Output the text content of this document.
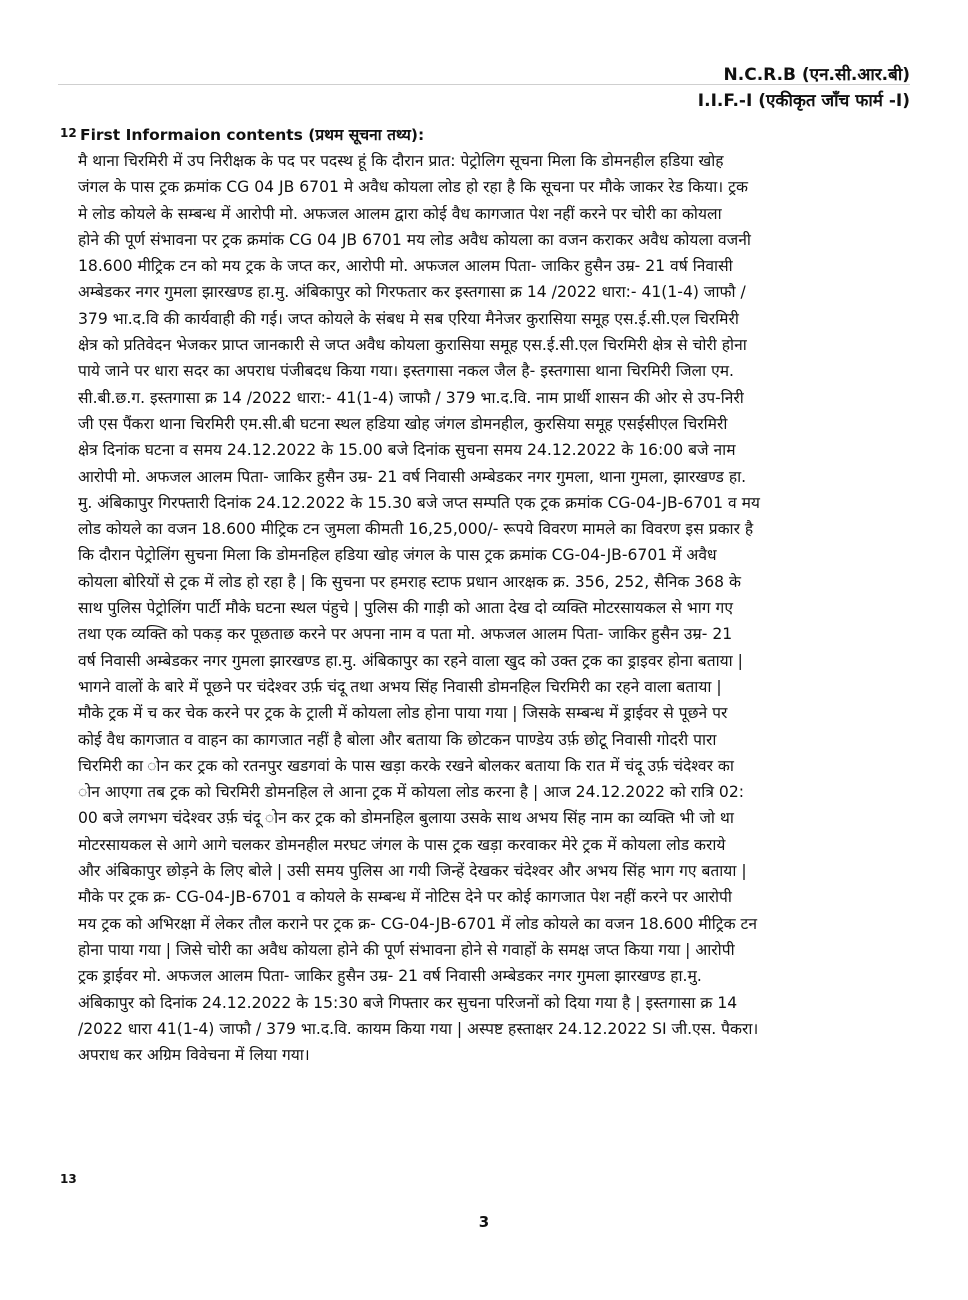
N.C.R.B (एन.सी.आर.बी)
I.I.F.-I (एकीकृत जाँच फार्म -I)
12 First Informaion contents (प्रथम सूचना तथ्य):
मै थाना चिरमिरी में उप निरीक्षक के पद पर पदस्थ हूं कि दौरान प्रात: पेट्रोलिग सूचना मिला कि डोमनहील हडिया खोह
जंगल के पास ट्रक क्रमांक CG 04 JB 6701 मे अवैध कोयला लोड हो रहा है कि सूचना पर मौके जाकर रेड किया। ट्रक
मे लोड कोयले के सम्बन्ध में आरोपी मो. अफजल आलम द्वारा कोई वैध कागजात पेश नहीं करने पर चोरी का कोयला
होने की पूर्ण संभावना पर ट्रक क्रमांक CG 04 JB 6701 मय लोड अवैध कोयला का वजन कराकर अवैध कोयला वजनी
18.600 मीट्रिक टन को मय ट्रक के जप्त कर, आरोपी मो. अफजल आलम पिता- जाकिर हुसैन उम्र- 21 वर्ष निवासी
अम्बेडकर नगर गुमला झारखण्ड हा.मु. अंबिकापुर को गिरफतार कर इस्तगासा क्र 14 /2022 धारा:- 41(1-4) जाफौ /
379 भा.द.वि की कार्यवाही की गई। जप्त कोयले के संबध मे सब एरिया मैनेजर कुरासिया समूह एस.ई.सी.एल चिरमिरी
क्षेत्र को प्रतिवेदन भेजकर प्राप्त जानकारी से जप्त अवैध कोयला कुरासिया समूह एस.ई.सी.एल चिरमिरी क्षेत्र से चोरी होना
पाये जाने पर धारा सदर का अपराध पंजीबदध किया गया। इस्तगासा नकल जैल है- इस्तगासा थाना चिरमिरी जिला एम.
सी.बी.छ.ग. इस्तगासा क्र 14 /2022 धारा:- 41(1-4) जाफौ / 379 भा.द.वि. नाम प्रार्थी शासन की ओर से उप-निरी
जी एस पैंकरा थाना चिरमिरी एम.सी.बी घटना स्थल हडिया खोह जंगल डोमनहील, कुरसिया समूह एसईसीएल चिरमिरी
क्षेत्र दिनांक घटना व समय 24.12.2022 के 15.00 बजे दिनांक सुचना समय 24.12.2022 के 16:00 बजे नाम
आरोपी मो. अफजल आलम पिता- जाकिर हुसैन उम्र- 21 वर्ष निवासी अम्बेडकर नगर गुमला, थाना गुमला, झारखण्ड हा.
मु. अंबिकापुर गिरफ्तारी दिनांक 24.12.2022 के 15.30 बजे जप्त सम्पति एक ट्रक क्रमांक CG-04-JB-6701 व मय
लोड कोयले का वजन 18.600 मीट्रिक टन जुमला कीमती 16,25,000/- रूपये विवरण मामले का विवरण इस प्रकार है
कि दौरान पेट्रोलिंग सुचना मिला कि डोमनहिल हडिया खोह जंगल के पास ट्रक क्रमांक CG-04-JB-6701 में अवैध
कोयला बोरियों से ट्रक में लोड हो रहा है | कि सुचना पर हमराह स्टाफ प्रधान आरक्षक क्र. 356, 252, सैनिक 368 के
साथ पुलिस पेट्रोलिंग पार्टी मौके घटना स्थल पंहुचे | पुलिस की गाड़ी को आता देख दो व्यक्ति मोटरसायकल से भाग गए
तथा एक व्यक्ति को पकड़ कर पूछताछ करने पर अपना नाम व पता मो. अफजल आलम पिता- जाकिर हुसैन उम्र- 21
वर्ष निवासी अम्बेडकर नगर गुमला झारखण्ड हा.मु. अंबिकापुर का रहने वाला खुद को उक्त ट्रक का ड्राइवर होना बताया |
भागने वालों के बारे में पूछने पर चंदेश्वर उर्फ़ चंदू तथा अभय सिंह निवासी डोमनहिल चिरमिरी का रहने वाला बताया |
मौके ट्रक में च कर चेक करने पर ट्रक के ट्राली में कोयला लोड होना पाया गया | जिसके सम्बन्ध में ड्राईवर से पूछने पर
कोई वैध कागजात व वाहन का कागजात नहीं है बोला और बताया कि छोटकन पाण्डेय उर्फ़ छोटू निवासी गोदरी पारा
चिरमिरी का ोन कर ट्रक को रतनपुर खडगवां के पास खड़ा करके रखने बोलकर बताया कि रात में चंदू उर्फ़ चंदेश्वर का
ोन आएगा तब ट्रक को चिरमिरी डोमनहिल ले आना ट्रक में कोयला लोड करना है | आज 24.12.2022 को रात्रि 02:
00 बजे लगभग चंदेश्वर उर्फ़ चंदू ोन कर ट्रक को डोमनहिल बुलाया उसके साथ अभय सिंह नाम का व्यक्ति भी जो था
मोटरसायकल से आगे आगे चलकर डोमनहील मरघट जंगल के पास ट्रक खड़ा करवाकर मेरे ट्रक में कोयला लोड कराये
और अंबिकापुर छोड़ने के लिए बोले | उसी समय पुलिस आ गयी जिन्हें देखकर चंदेश्वर और अभय सिंह भाग गए बताया |
मौके पर ट्रक क्र- CG-04-JB-6701 व कोयले के सम्बन्ध में नोटिस देने पर कोई कागजात पेश नहीं करने पर आरोपी
मय ट्रक को अभिरक्षा में लेकर तौल कराने पर ट्रक क्र- CG-04-JB-6701 में लोड कोयले का वजन 18.600 मीट्रिक टन
होना पाया गया | जिसे चोरी का अवैध कोयला होने की पूर्ण संभावना होने से गवाहों के समक्ष जप्त किया गया | आरोपी
ट्रक ड्राईवर मो. अफजल आलम पिता- जाकिर हुसैन उम्र- 21 वर्ष निवासी अम्बेडकर नगर गुमला झारखण्ड हा.मु.
अंबिकापुर को दिनांक 24.12.2022 के 15:30 बजे गिफ्तार कर सुचना परिजनों को दिया गया है | इस्तगासा क्र 14
/2022 धारा 41(1-4) जाफौ / 379 भा.द.वि. कायम किया गया | अस्पष्ट हस्ताक्षर 24.12.2022 SI जी.एस. पैकरा।
अपराध कर अग्रिम विवेचना में लिया गया।
13
3
